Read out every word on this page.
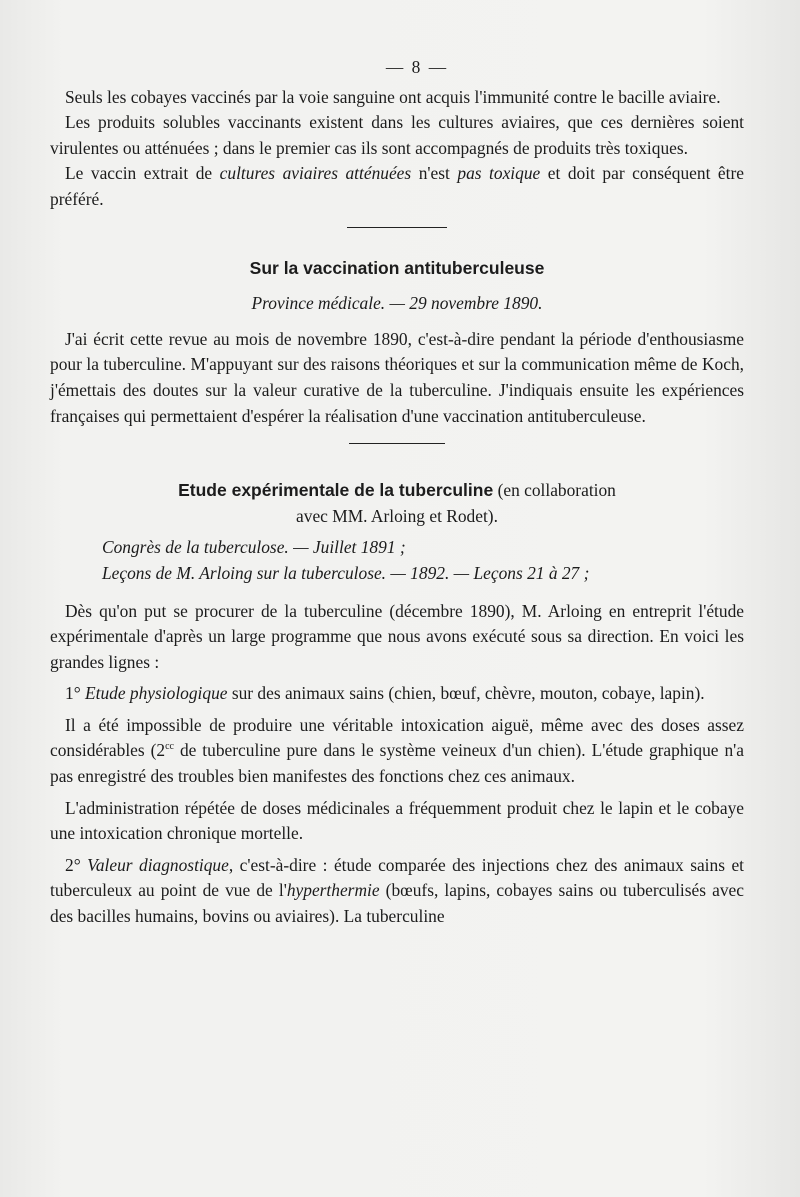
— 8 —

Seuls les cobayes vaccinés par la voie sanguine ont acquis l'immunité contre le bacille aviaire.

Les produits solubles vaccinants existent dans les cultures aviaires, que ces dernières soient virulentes ou atténuées ; dans le premier cas ils sont accompagnés de produits très toxiques.

Le vaccin extrait de cultures aviaires atténuées n'est pas toxique et doit par conséquent être préféré.

Sur la vaccination antituberculeuse
Province médicale. — 29 novembre 1890.

J'ai écrit cette revue au mois de novembre 1890, c'est-à-dire pendant la période d'enthousiasme pour la tuberculine. M'appuyant sur des raisons théoriques et sur la communication même de Koch, j'émettais des doutes sur la valeur curative de la tuberculine. J'indiquais ensuite les expériences françaises qui permettaient d'espérer la réalisation d'une vaccination antituberculeuse.

Etude expérimentale de la tuberculine (en collaboration
avec MM. Arloing et Rodet).
Congrès de la tuberculose. — Juillet 1891 ;
Leçons de M. Arloing sur la tuberculose. — 1892. — Leçons 21 à 27 ;

Dès qu'on put se procurer de la tuberculine (décembre 1890), M. Arloing en entreprit l'étude expérimentale d'après un large programme que nous avons exécuté sous sa direction. En voici les grandes lignes :

1° Etude physiologique sur des animaux sains (chien, bœuf, chèvre, mouton, cobaye, lapin).

Il a été impossible de produire une véritable intoxication aiguë, même avec des doses assez considérables ($2^{cc}$ de tuberculine pure dans le système veineux d'un chien). L'étude graphique n'a pas enregistré des troubles bien manifestes des fonctions chez ces animaux.

L'administration répétée de doses médicinales a fréquemment produit chez le lapin et le cobaye une intoxication chronique mortelle.

2° Valeur diagnostique, c'est-à-dire : étude comparée des injections chez des animaux sains et tuberculeux au point de vue de l'hyperthermie (bœufs, lapins, cobayes sains ou tuberculisés avec des bacilles humains, bovins ou aviaires). La tuberculine
